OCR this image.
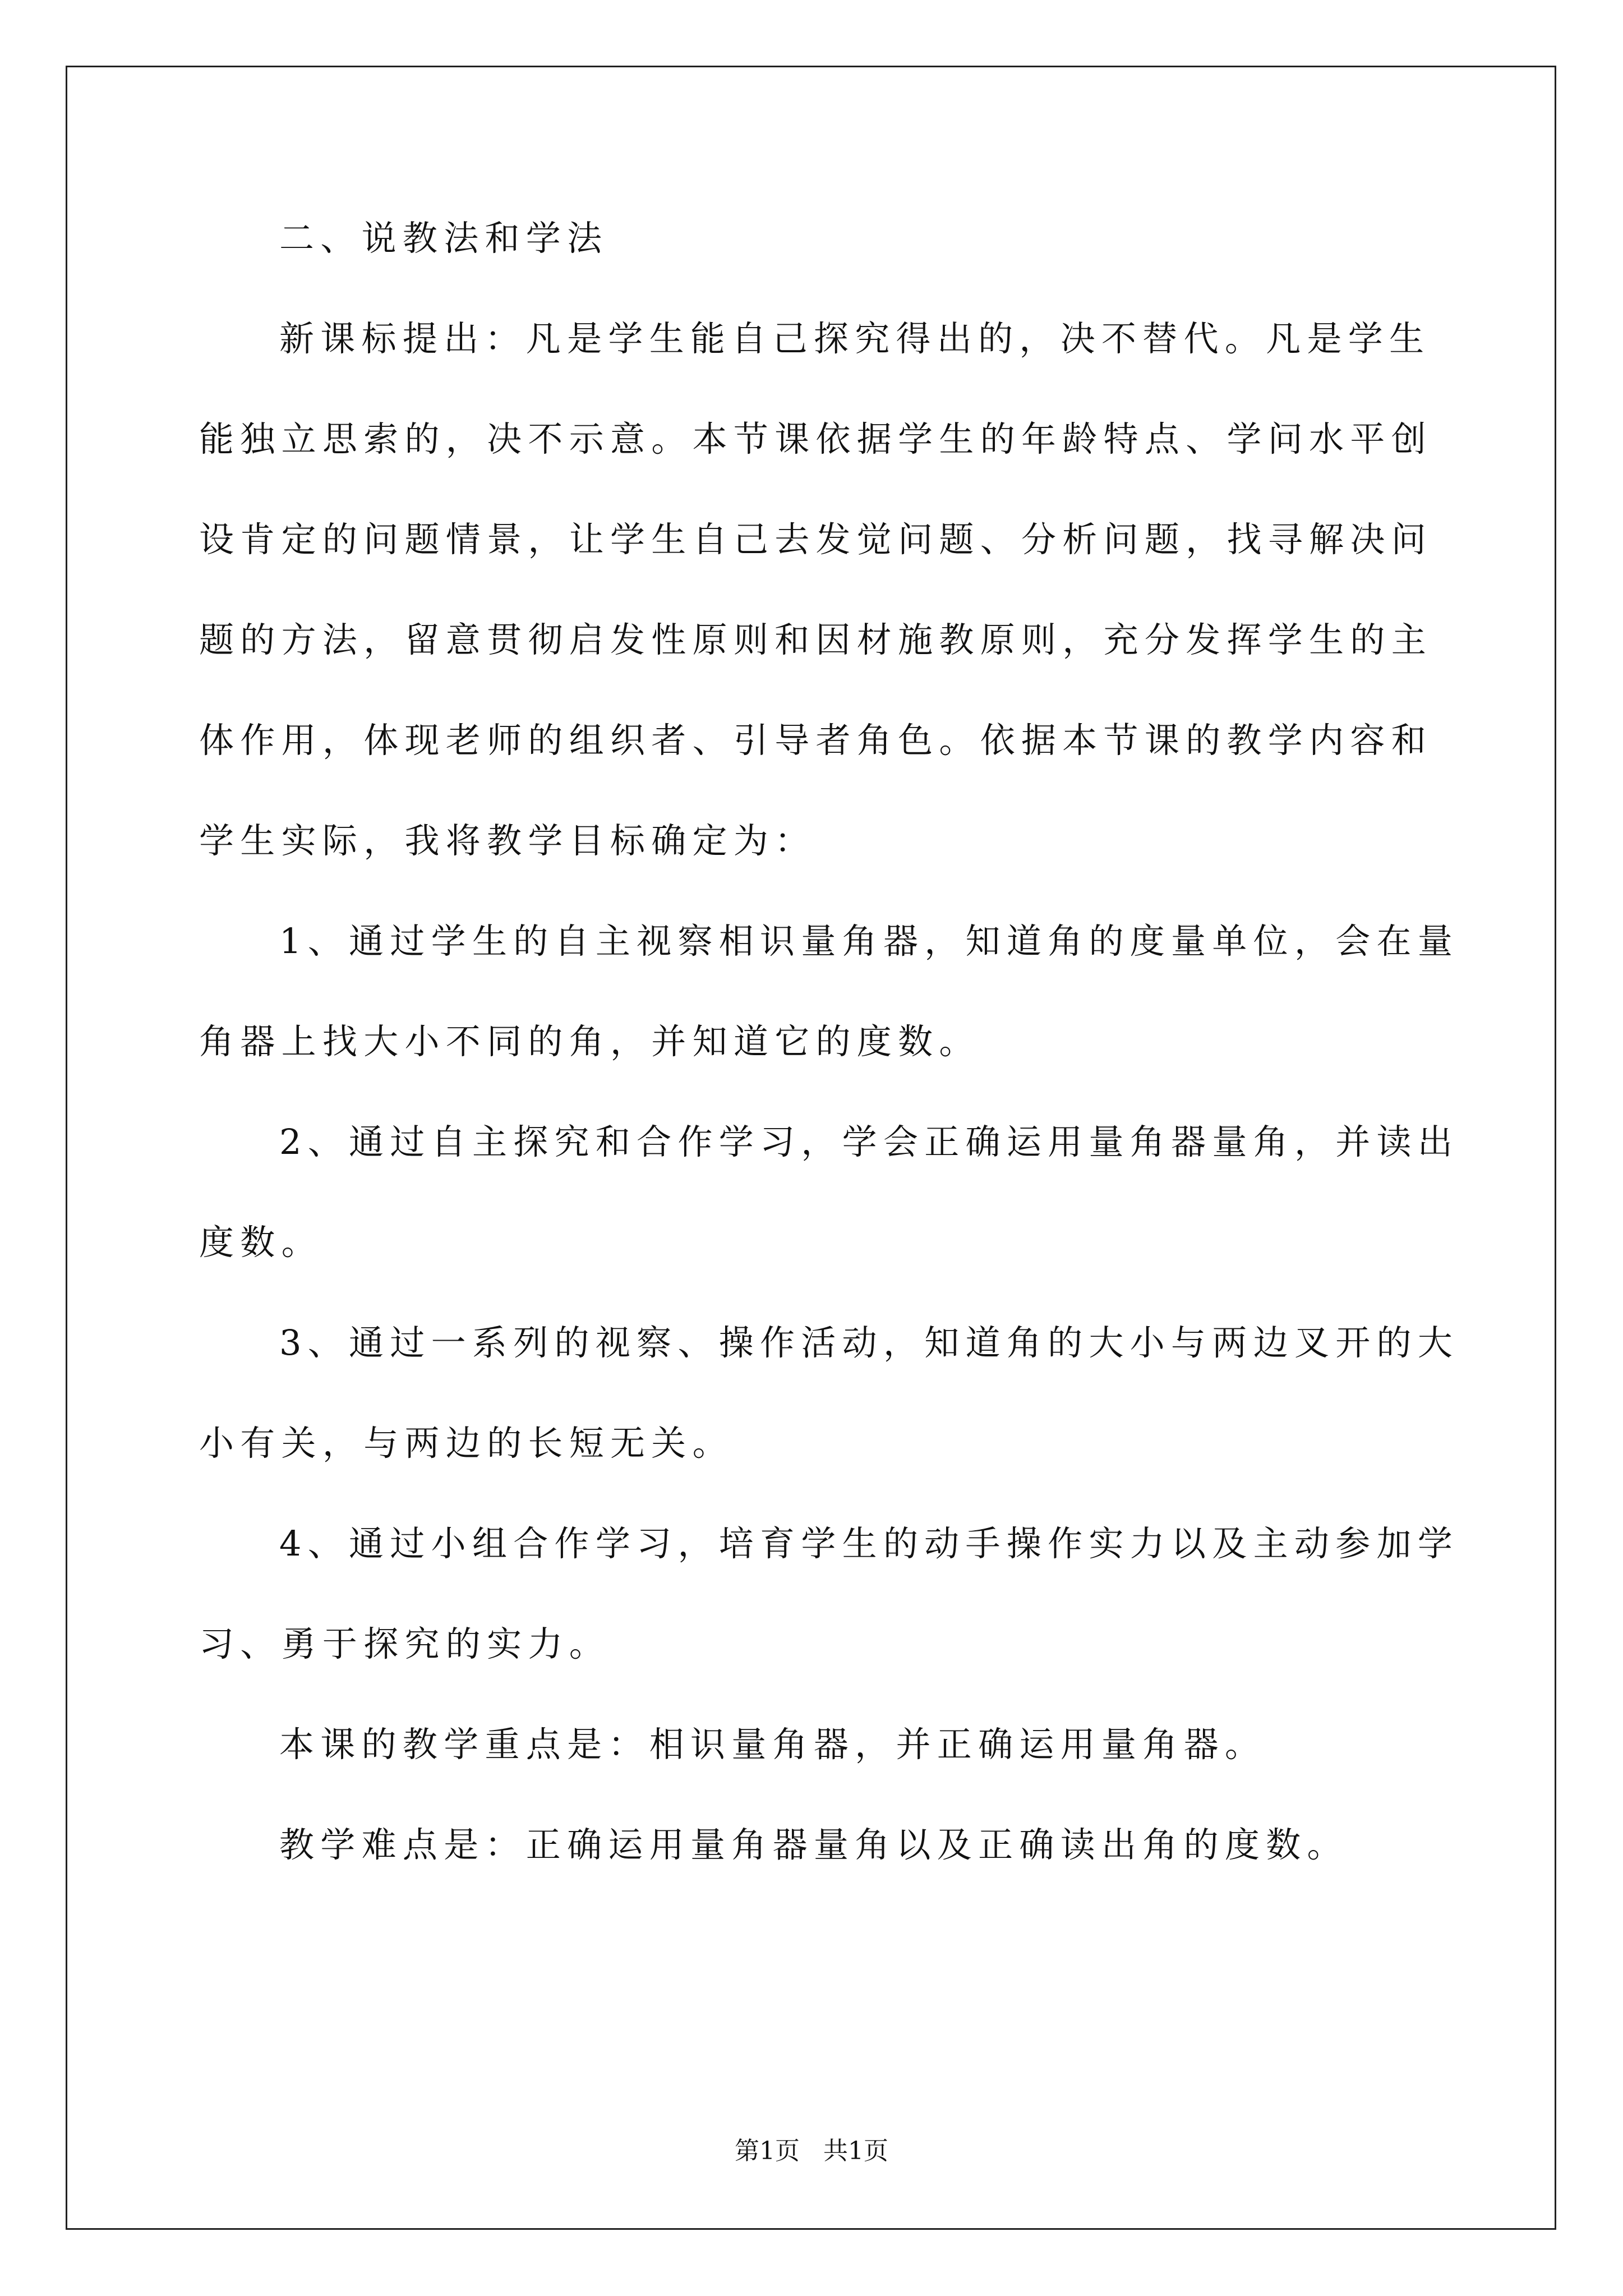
二、说教法和学法

新课标提出：凡是学生能自己探究得出的，决不替代。凡是学生

能独立思索的，决不示意。本节课依据学生的年龄特点、学问水平创

设肯定的问题情景，让学生自己去发觉问题、分析问题，找寻解决问

题的方法，留意贯彻启发性原则和因材施教原则，充分发挥学生的主

体作用，体现老师的组织者、引导者角色。依据本节课的教学内容和

学生实际，我将教学目标确定为：

1、通过学生的自主视察相识量角器，知道角的度量单位，会在量

角器上找大小不同的角，并知道它的度数。

2、通过自主探究和合作学习，学会正确运用量角器量角，并读出

度数。

3、通过一系列的视察、操作活动，知道角的大小与两边叉开的大

小有关，与两边的长短无关。

4、通过小组合作学习，培育学生的动手操作实力以及主动参加学

习、勇于探究的实力。

本课的教学重点是：相识量角器，并正确运用量角器。

教学难点是：正确运用量角器量角以及正确读出角的度数。

第1页   共1页
